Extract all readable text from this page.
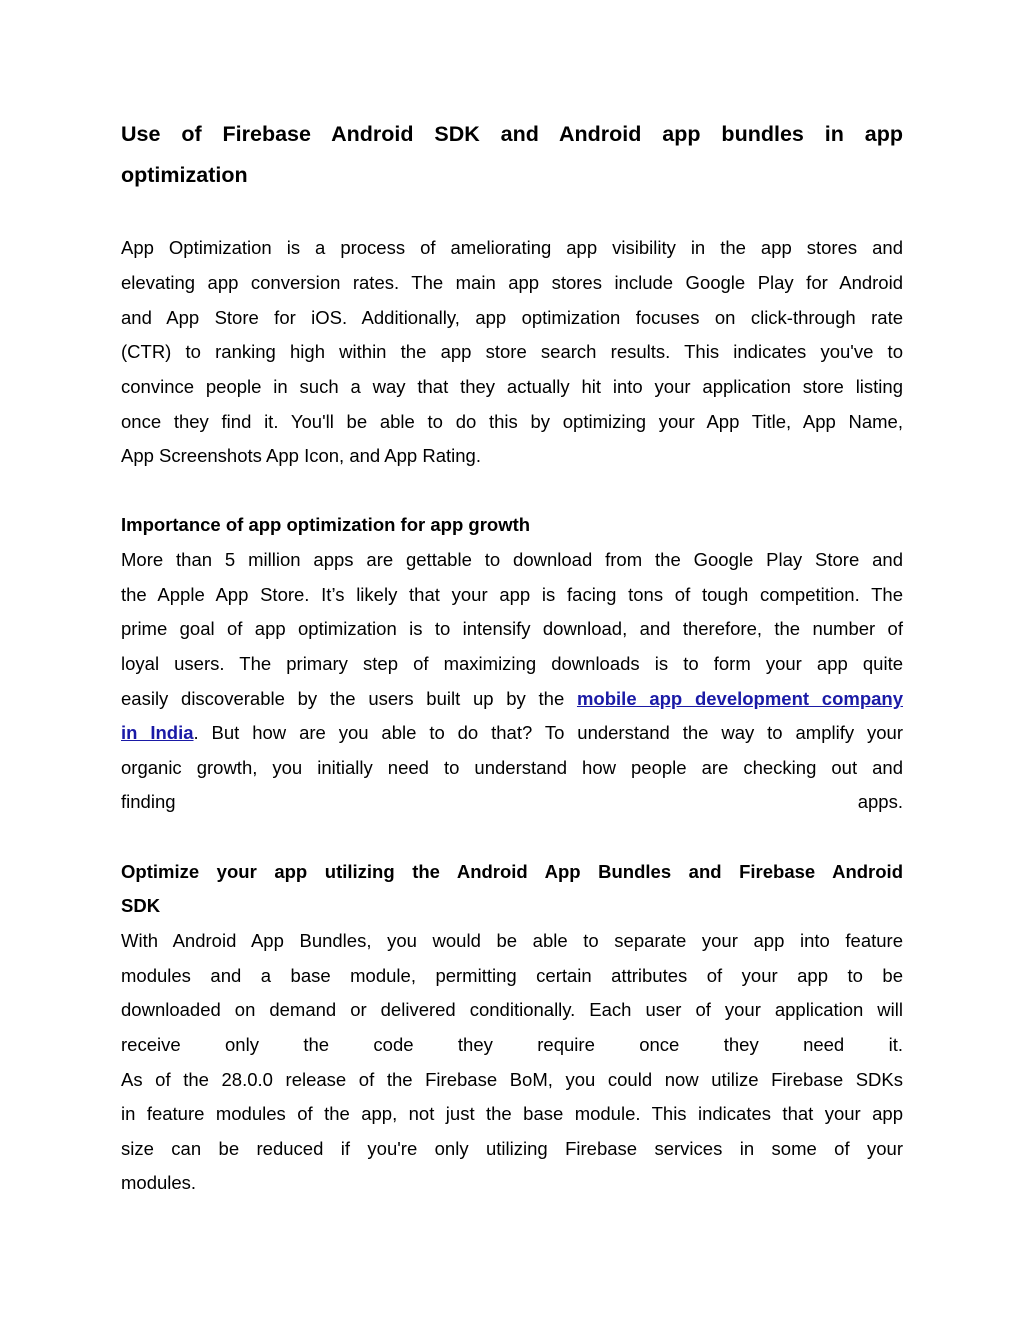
Use of Firebase Android SDK and Android app bundles in app
optimization
App Optimization is a process of ameliorating app visibility in the app stores and
elevating app conversion rates. The main app stores include Google Play for Android
and App Store for iOS. Additionally, app optimization focuses on click-through rate
(CTR) to ranking high within the app store search results. This indicates you've to
convince people in such a way that they actually hit into your application store listing
once they find it. You'll be able to do this by optimizing your App Title, App Name,
App Screenshots App Icon, and App Rating.
Importance of app optimization for app growth
More than 5 million apps are gettable to download from the Google Play Store and
the Apple App Store. It’s likely that your app is facing tons of tough competition. The
prime goal of app optimization is to intensify download, and therefore, the number of
loyal users. The primary step of maximizing downloads is to form your app quite
easily discoverable by the users built up by the mobile app development company
in India. But how are you able to do that? To understand the way to amplify your
organic growth, you initially need to understand how people are checking out and
finding	apps.
Optimize your app utilizing the Android App Bundles and Firebase Android
SDK
With Android App Bundles, you would be able to separate your app into feature
modules and a base module, permitting certain attributes of your app to be
downloaded on demand or delivered conditionally. Each user of your application will
receive only the code they require once they need it.
As of the 28.0.0 release of the Firebase BoM, you could now utilize Firebase SDKs
in feature modules of the app, not just the base module. This indicates that your app
size can be reduced if you're only utilizing Firebase services in some of your
modules.
